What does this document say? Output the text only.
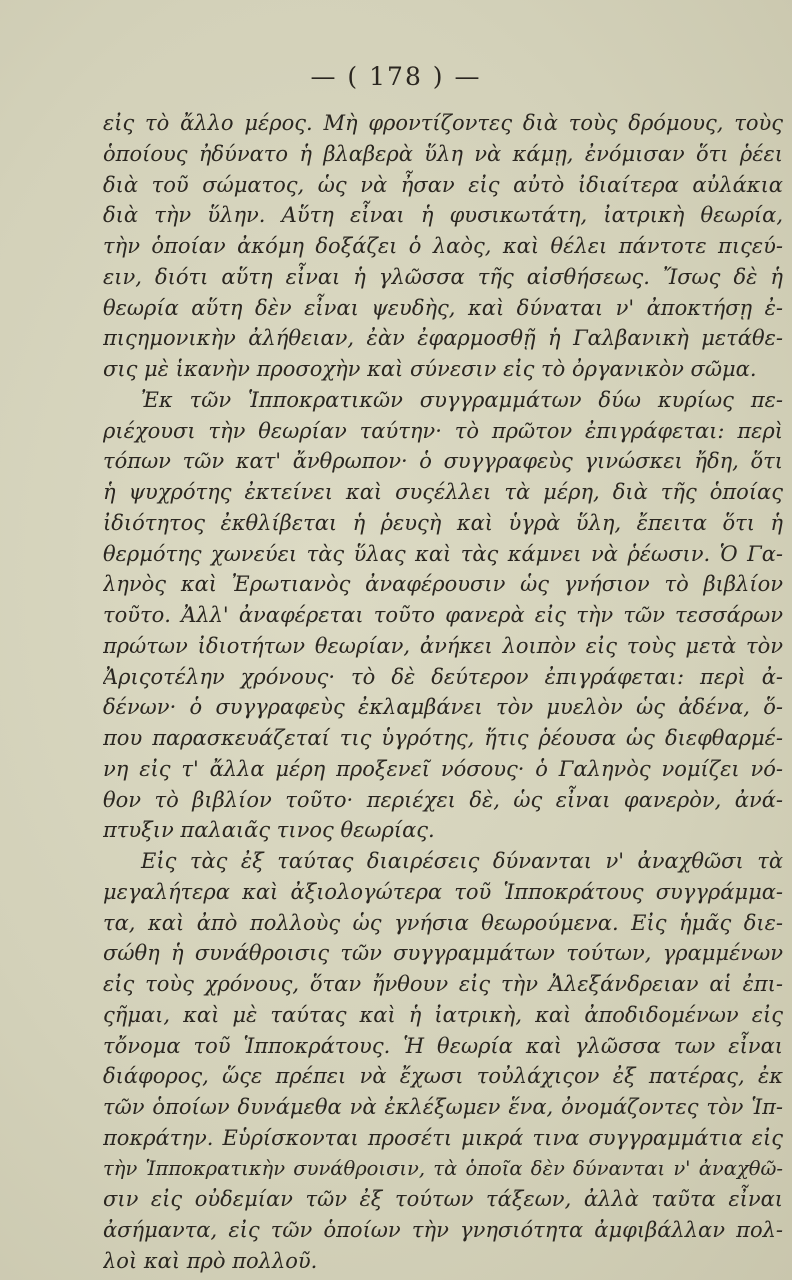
— ( 178 ) —
εἰς τὸ ἄλλο μέρος. Μὴ φροντίζοντες διὰ τοὺς δρόμους, τοὺς
ὁποίους ἠδύνατο ἡ βλαβερὰ ὕλη νὰ κάμῃ, ἐνόμισαν ὅτι ῥέει
διὰ τοῦ σώματος, ὡς νὰ ἦσαν εἰς αὐτὸ ἰδιαίτερα αὐλάκια
διὰ τὴν ὕλην. Αὕτη εἶναι ἡ φυσικωτάτη, ἰατρικὴ θεωρία,
τὴν ὁποίαν ἀκόμη δοξάζει ὁ λαὸς, καὶ θέλει πάντοτε πιςεύ-
ειν, διότι αὕτη εἶναι ἡ γλῶσσα τῆς αἰσθήσεως. Ἴσως δὲ ἡ
θεωρία αὕτη δὲν εἶναι ψευδὴς, καὶ δύναται ν' ἀποκτήσῃ ἐ-
πιςημονικὴν ἀλήθειαν, ἐὰν ἐφαρμοσθῇ ἡ Γαλβανικὴ μετάθε-
σις μὲ ἱκανὴν προσοχὴν καὶ σύνεσιν εἰς τὸ ὀργανικὸν σῶμα.
Ἐκ τῶν Ἱπποκρατικῶν συγγραμμάτων δύω κυρίως πε-
ριέχουσι τὴν θεωρίαν ταύτην· τὸ πρῶτον ἐπιγράφεται: περὶ
τόπων τῶν κατ' ἄνθρωπον· ὁ συγγραφεὺς γινώσκει ἤδη, ὅτι
ἡ ψυχρότης ἐκτείνει καὶ συςέλλει τὰ μέρη, διὰ τῆς ὁποίας
ἰδιότητος ἐκθλίβεται ἡ ῥευςὴ καὶ ὑγρὰ ὕλη, ἔπειτα ὅτι ἡ
θερμότης χωνεύει τὰς ὕλας καὶ τὰς κάμνει νὰ ῥέωσιν. Ὁ Γα-
ληνὸς καὶ Ἐρωτιανὸς ἀναφέρουσιν ὡς γνήσιον τὸ βιβλίον
τοῦτο. Ἀλλ' ἀναφέρεται τοῦτο φανερὰ εἰς τὴν τῶν τεσσάρων
πρώτων ἰδιοτήτων θεωρίαν, ἀνήκει λοιπὸν εἰς τοὺς μετὰ τὸν
Ἀριςοτέλην χρόνους· τὸ δὲ δεύτερον ἐπιγράφεται: περὶ ἀ-
δένων· ὁ συγγραφεὺς ἐκλαμβάνει τὸν μυελὸν ὡς ἀδένα, ὅ-
που παρασκευάζεταί τις ὑγρότης, ἥτις ῥέουσα ὡς διεφθαρμέ-
νη εἰς τ' ἄλλα μέρη προξενεῖ νόσους· ὁ Γαληνὸς νομίζει νό-
θον τὸ βιβλίον τοῦτο· περιέχει δὲ, ὡς εἶναι φανερὸν, ἀνά-
πτυξιν παλαιᾶς τινος θεωρίας.
Εἰς τὰς ἐξ ταύτας διαιρέσεις δύνανται ν' ἀναχθῶσι τὰ
μεγαλήτερα καὶ ἀξιολογώτερα τοῦ Ἱπποκράτους συγγράμμα-
τα, καὶ ἀπὸ πολλοὺς ὡς γνήσια θεωρούμενα. Εἰς ἡμᾶς διε-
σώθη ἡ συνάθροισις τῶν συγγραμμάτων τούτων, γραμμένων
εἰς τοὺς χρόνους, ὅταν ἤνθουν εἰς τὴν Ἀλεξάνδρειαν αἱ ἐπι-
ςῆμαι, καὶ μὲ ταύτας καὶ ἡ ἰατρικὴ, καὶ ἀποδιδομένων εἰς
τὄνομα τοῦ Ἱπποκράτους. Ἡ θεωρία καὶ γλῶσσα των εἶναι
διάφορος, ὥςε πρέπει νὰ ἔχωσι τοὐλάχιςον ἐξ πατέρας, ἐκ
τῶν ὁποίων δυνάμεθα νὰ ἐκλέξωμεν ἕνα, ὀνομάζοντες τὸν Ἱπ-
ποκράτην. Εὑρίσκονται προσέτι μικρά τινα συγγραμμάτια εἰς
τὴν Ἱπποκρατικὴν συνάθροισιν, τὰ ὁποῖα δὲν δύνανται ν' ἀναχθῶ-
σιν εἰς οὐδεμίαν τῶν ἐξ τούτων τάξεων, ἀλλὰ ταῦτα εἶναι
ἀσήμαντα, εἰς τῶν ὁποίων τὴν γνησιότητα ἀμφιβάλλαν πολ-
λοὶ καὶ πρὸ πολλοῦ.
